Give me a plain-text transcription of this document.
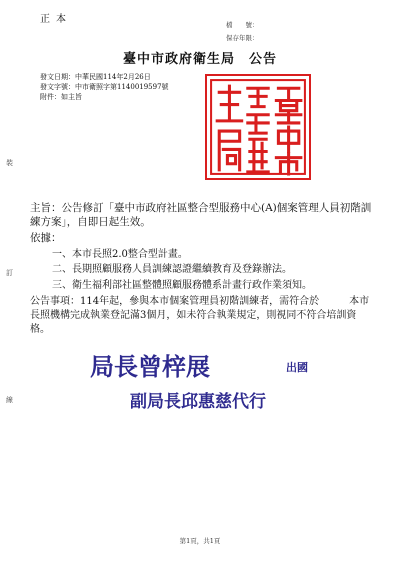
正本	檔　　號：
保存年限：
臺中市政府衛生局 公告
發文日期：中華民國114年2月26日
發文字號：中市衛照字第1140019597號
附件：如主旨
裝
訂
線
主旨：公告修訂「臺中市政府社區整合型服務中心(A)個案管理人員初階訓練方案」，自即日起生效。
依據：
一、本市長照2.0整合型計畫。
二、長期照顧服務人員訓練認證繼續教育及登錄辦法。
三、衛生福利部社區整體照顧服務體系計畫行政作業須知。
公告事項：114年起，參與本市個案管理員初階訓練者，需符合於　　　本市長照機構完成執業登記滿3個月，如未符合執業規定，則視同不符合培訓資格。
局長曾梓展	出國
副局長邱惠慈代行
第1頁，共1頁
